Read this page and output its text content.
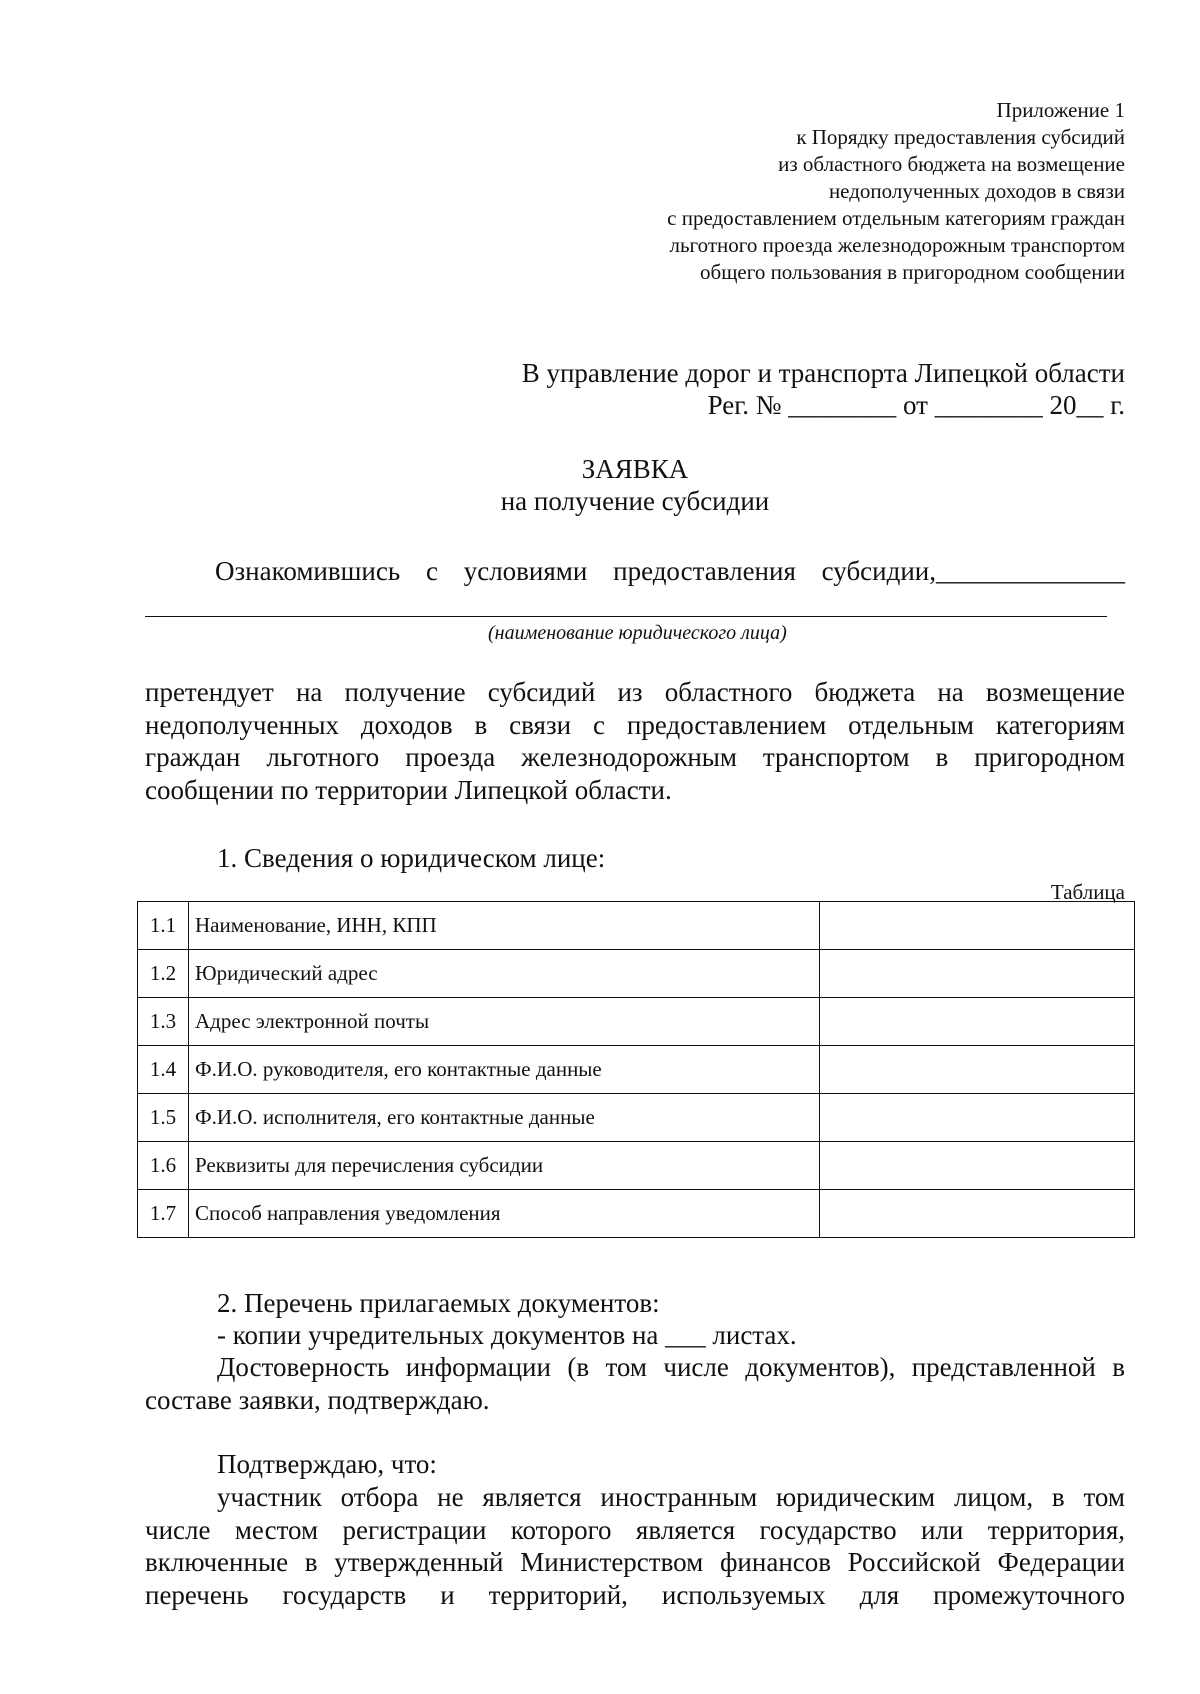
Приложение 1
к Порядку предоставления субсидий
из областного бюджета на возмещение
недополученных доходов в связи
с предоставлением отдельным категориям граждан
льготного проезда железнодорожным транспортом
общего пользования в пригородном сообщении
В управление дорог и транспорта Липецкой области
Рег. № ________ от ________ 20__ г.
ЗАЯВКА
на получение субсидии
Ознакомившись с условиями предоставления субсидии,______________
(наименование юридического лица)
претендует на получение субсидий из областного бюджета на возмещение
недополученных доходов в связи с предоставлением отдельным категориям
граждан льготного проезда железнодорожным транспортом в пригородном
сообщении по территории Липецкой области.
1. Сведения о юридическом лице:
Таблица
1.1	Наименование, ИНН, КПП	
1.2	Юридический адрес	
1.3	Адрес электронной почты	
1.4	Ф.И.О. руководителя, его контактные данные	
1.5	Ф.И.О. исполнителя, его контактные данные	
1.6	Реквизиты для перечисления субсидии	
1.7	Способ направления уведомления	
2. Перечень прилагаемых документов:
- копии учредительных документов на ___ листах.
Достоверность информации (в том числе документов), представленной в
составе заявки, подтверждаю.
Подтверждаю, что:
участник отбора не является иностранным юридическим лицом, в том
числе местом регистрации которого является государство или территория,
включенные в утвержденный Министерством финансов Российской Федерации
перечень государств и территорий, используемых для промежуточного
